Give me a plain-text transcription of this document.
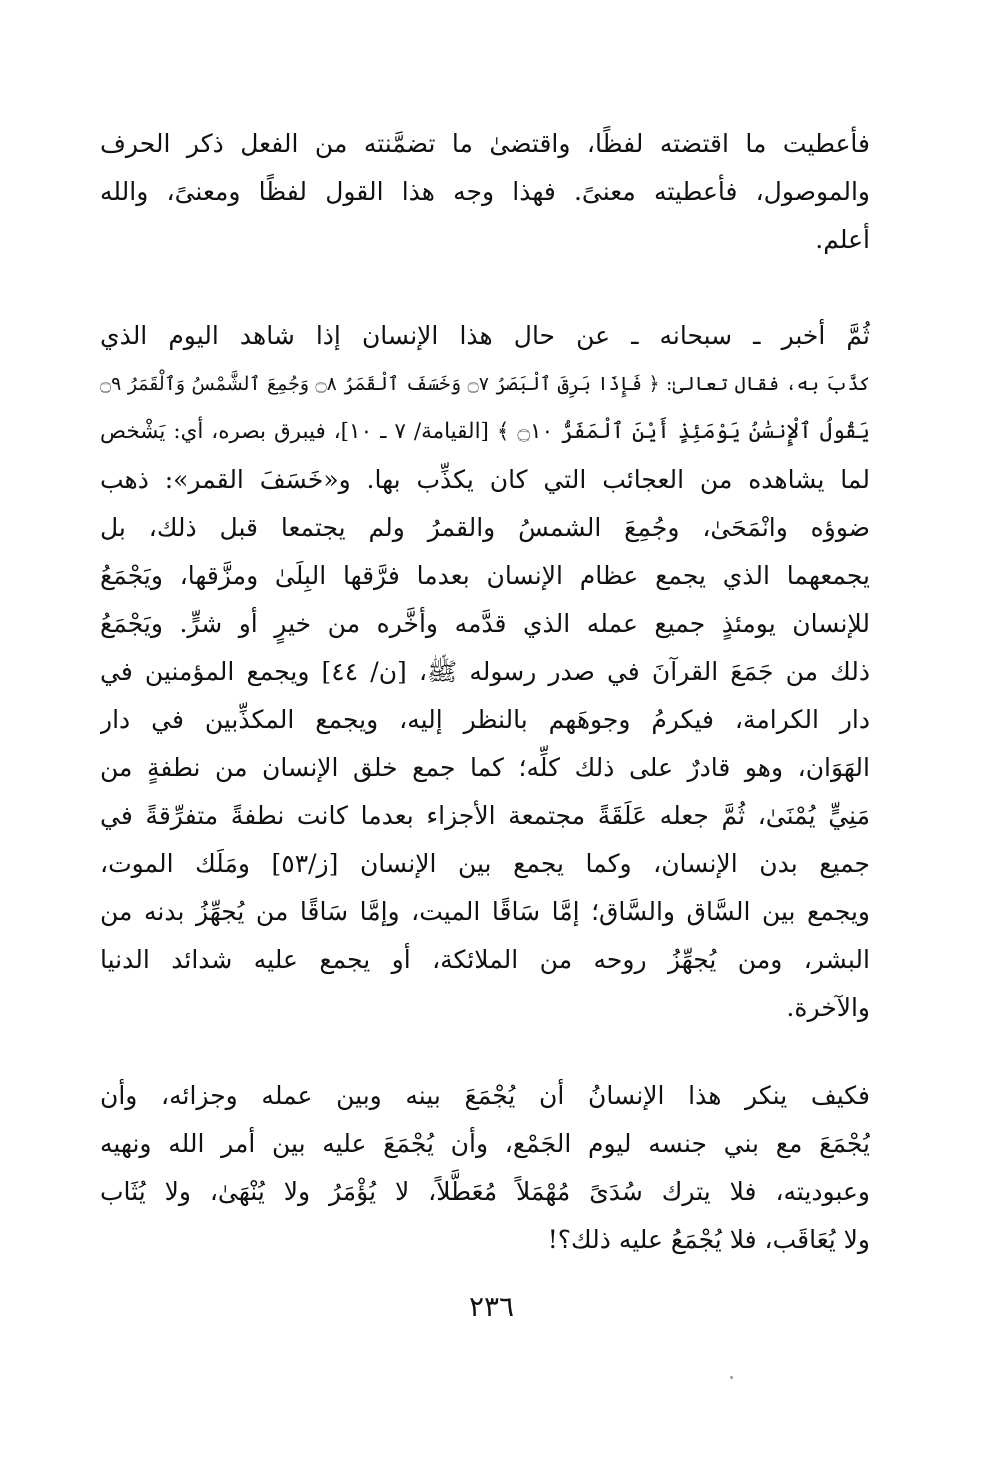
فأعطيت ما اقتضته لفظًا، واقتضىٰ ما تضمَّنته من الفعل ذكر الحرف
والموصول، فأعطيته معنىً. فهذا وجه هذا القول لفظًا ومعنىً، والله
أعلم.
ثُمَّ أخبر ـ سبحانه ـ عن حال هذا الإنسان إذا شاهد اليوم الذي
كذَّبَ به، فقال تعالىٰ: ﴿ فَإِذَا بَرِقَ ٱلْبَصَرُ ۝٧ وَخَسَفَ ٱلْقَمَرُ ۝٨ وَجُمِعَ ٱلشَّمْسُ وَٱلْقَمَرُ ۝٩
يَقُولُ ٱلْإِنسَٰنُ يَوْمَئِذٍ أَيْنَ ٱلْمَفَرُّ ۝١٠ ﴾ [القيامة/ ٧ ـ ١٠]، فيبرق بصره، أي: يَشْخص
لما يشاهده من العجائب التي كان يكذِّب بها. و«خَسَفَ القمر»: ذهب
ضوؤه وانْمَحَىٰ، وجُمِعَ الشمسُ والقمرُ ولم يجتمعا قبل ذلك، بل
يجمعهما الذي يجمع عظام الإنسان بعدما فرَّقها البِلَىٰ ومزَّقها، ويَجْمَعُ
للإنسان يومئذٍ جميع عمله الذي قدَّمه وأخَّره من خيرٍ أو شرٍّ. ويَجْمَعُ
ذلك من جَمَعَ القرآنَ في صدر رسوله ﷺ، [ن/ ٤٤] ويجمع المؤمنين في
دار الكرامة، فيكرمُ وجوهَهم بالنظر إليه، ويجمع المكذِّبين في دار
الهَوَان، وهو قادرٌ على ذلك كلِّه؛ كما جمع خلق الإنسان من نطفةٍ من
مَنِيٍّ يُمْنَىٰ، ثُمَّ جعله عَلَقَةً مجتمعة الأجزاء بعدما كانت نطفةً متفرِّقةً في
جميع بدن الإنسان، وكما يجمع بين الإنسان [ز/٥٣] ومَلَك الموت،
ويجمع بين السَّاق والسَّاق؛ إمَّا سَاقًا الميت، وإمَّا سَاقًا من يُجهِّزُ بدنه من
البشر، ومن يُجهِّزُ روحه من الملائكة، أو يجمع عليه شدائد الدنيا
والآخرة.
فكيف ينكر هذا الإنسانُ أن يُجْمَعَ بينه وبين عمله وجزائه، وأن
يُجْمَعَ مع بني جنسه ليوم الجَمْع، وأن يُجْمَعَ عليه بين أمر الله ونهيه
وعبوديته، فلا يترك سُدَىً مُهْمَلاً مُعَطَّلاً، لا يُؤْمَرُ ولا يُنْهَىٰ، ولا يُثَاب
ولا يُعَاقَب، فلا يُجْمَعُ عليه ذلك؟!
٢٣٦
